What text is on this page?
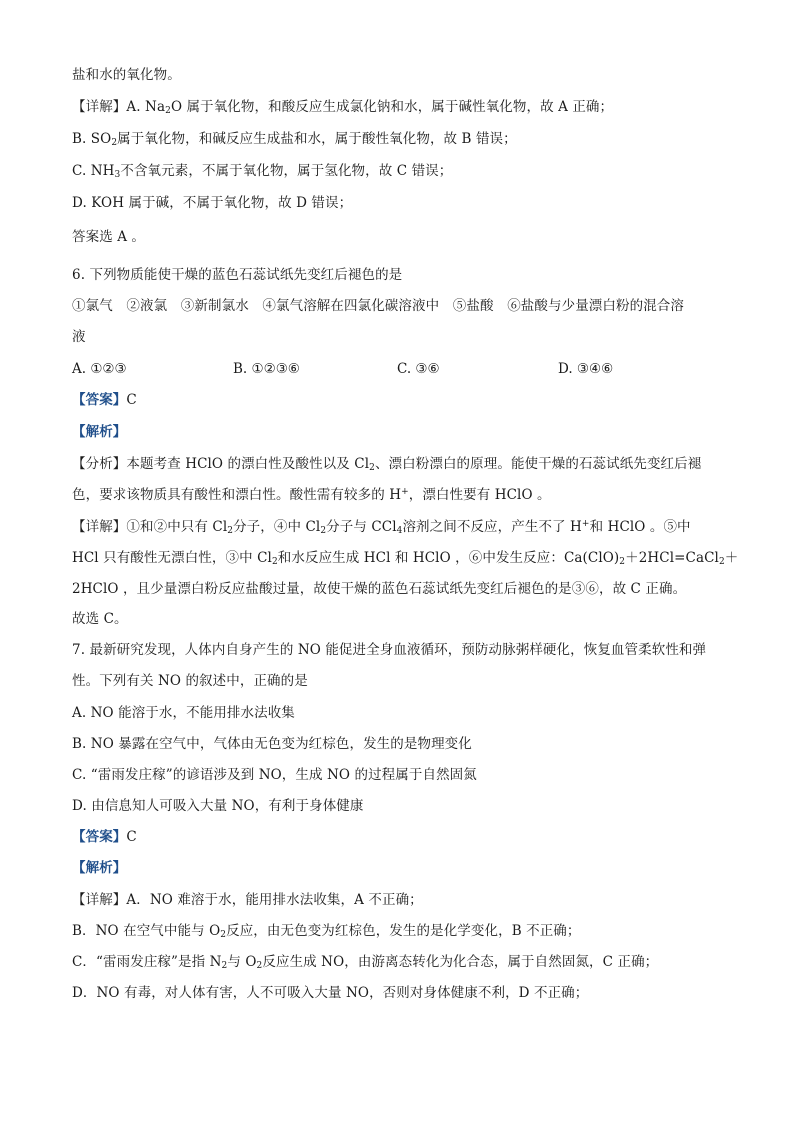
盐和水的氧化物。
【详解】A. $Na_2O$ 属于氧化物，和酸反应生成氯化钠和水，属于碱性氧化物，故 A 正确；
B. $SO_2$属于氧化物，和碱反应生成盐和水，属于酸性氧化物，故 B 错误；
C. $NH_3$不含氧元素，不属于氧化物，属于氢化物，故 C 错误；
D. KOH 属于碱，不属于氧化物，故 D 错误；
答案选 A 。
6. 下列物质能使干燥的蓝色石蕊试纸先变红后褪色的是
①氯气　②液氯　③新制氯水　④氯气溶解在四氯化碳溶液中　⑤盐酸　⑥盐酸与少量漂白粉的混合溶
液
A. ①②③	B. ①②③⑥	C. ③⑥	D. ③④⑥
【答案】C
【解析】
【分析】本题考查 HClO 的漂白性及酸性以及 $Cl_2$、漂白粉漂白的原理。能使干燥的石蕊试纸先变红后褪
色，要求该物质具有酸性和漂白性。酸性需有较多的 H+，漂白性要有 HClO 。
【详解】①和②中只有 $Cl_2$分子，④中 $Cl_2$分子与 CCl$_4$溶剂之间不反应，产生不了 H+和 HClO 。⑤中
HCl 只有酸性无漂白性，③中 $Cl_2$和水反应生成 HCl 和 HClO ，⑥中发生反应：$Ca(ClO)_2+2HCl=CaCl_2+$
2HClO ，且少量漂白粉反应盐酸过量，故使干燥的蓝色石蕊试纸先变红后褪色的是③⑥，故 C 正确。
故选 C。
7. 最新研究发现，人体内自身产生的 NO 能促进全身血液循环，预防动脉粥样硬化，恢复血管柔软性和弹
性。下列有关 NO 的叙述中，正确的是
A. NO 能溶于水，不能用排水法收集
B. NO 暴露在空气中，气体由无色变为红棕色，发生的是物理变化
C. “雷雨发庄稼”的谚语涉及到 NO，生成 NO 的过程属于自然固氮
D. 由信息知人可吸入大量 NO，有利于身体健康
【答案】C
【解析】
【详解】A．NO 难溶于水，能用排水法收集，A 不正确；
B．NO 在空气中能与 $O_2$反应，由无色变为红棕色，发生的是化学变化，B 不正确；
C．“雷雨发庄稼”是指 $N_2$与 $O_2$反应生成 NO，由游离态转化为化合态，属于自然固氮，C 正确；
D．NO 有毒，对人体有害，人不可吸入大量 NO，否则对身体健康不利，D 不正确；
